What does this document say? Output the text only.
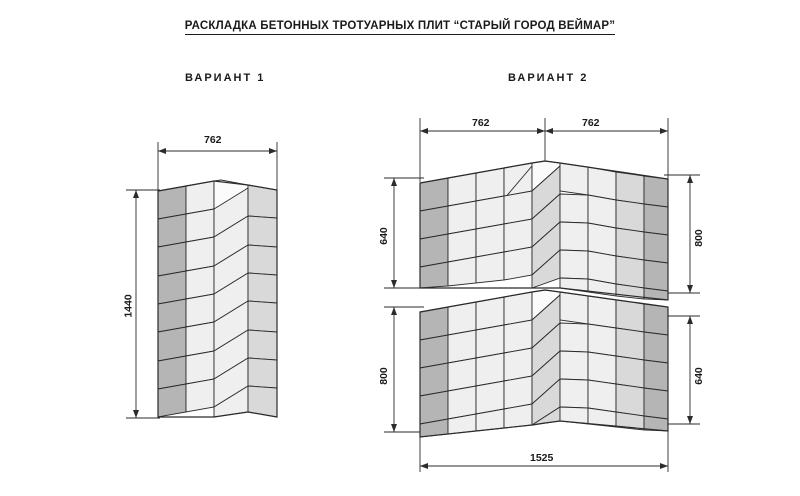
РАСКЛАДКА БЕТОННЫХ ТРОТУАРНЫХ ПЛИТ “СТАРЫЙ ГОРОД ВЕЙМАР”
ВАРИАНТ 1	ВАРИАНТ 2
762
1440
762	762
640	800
800	640
1525
